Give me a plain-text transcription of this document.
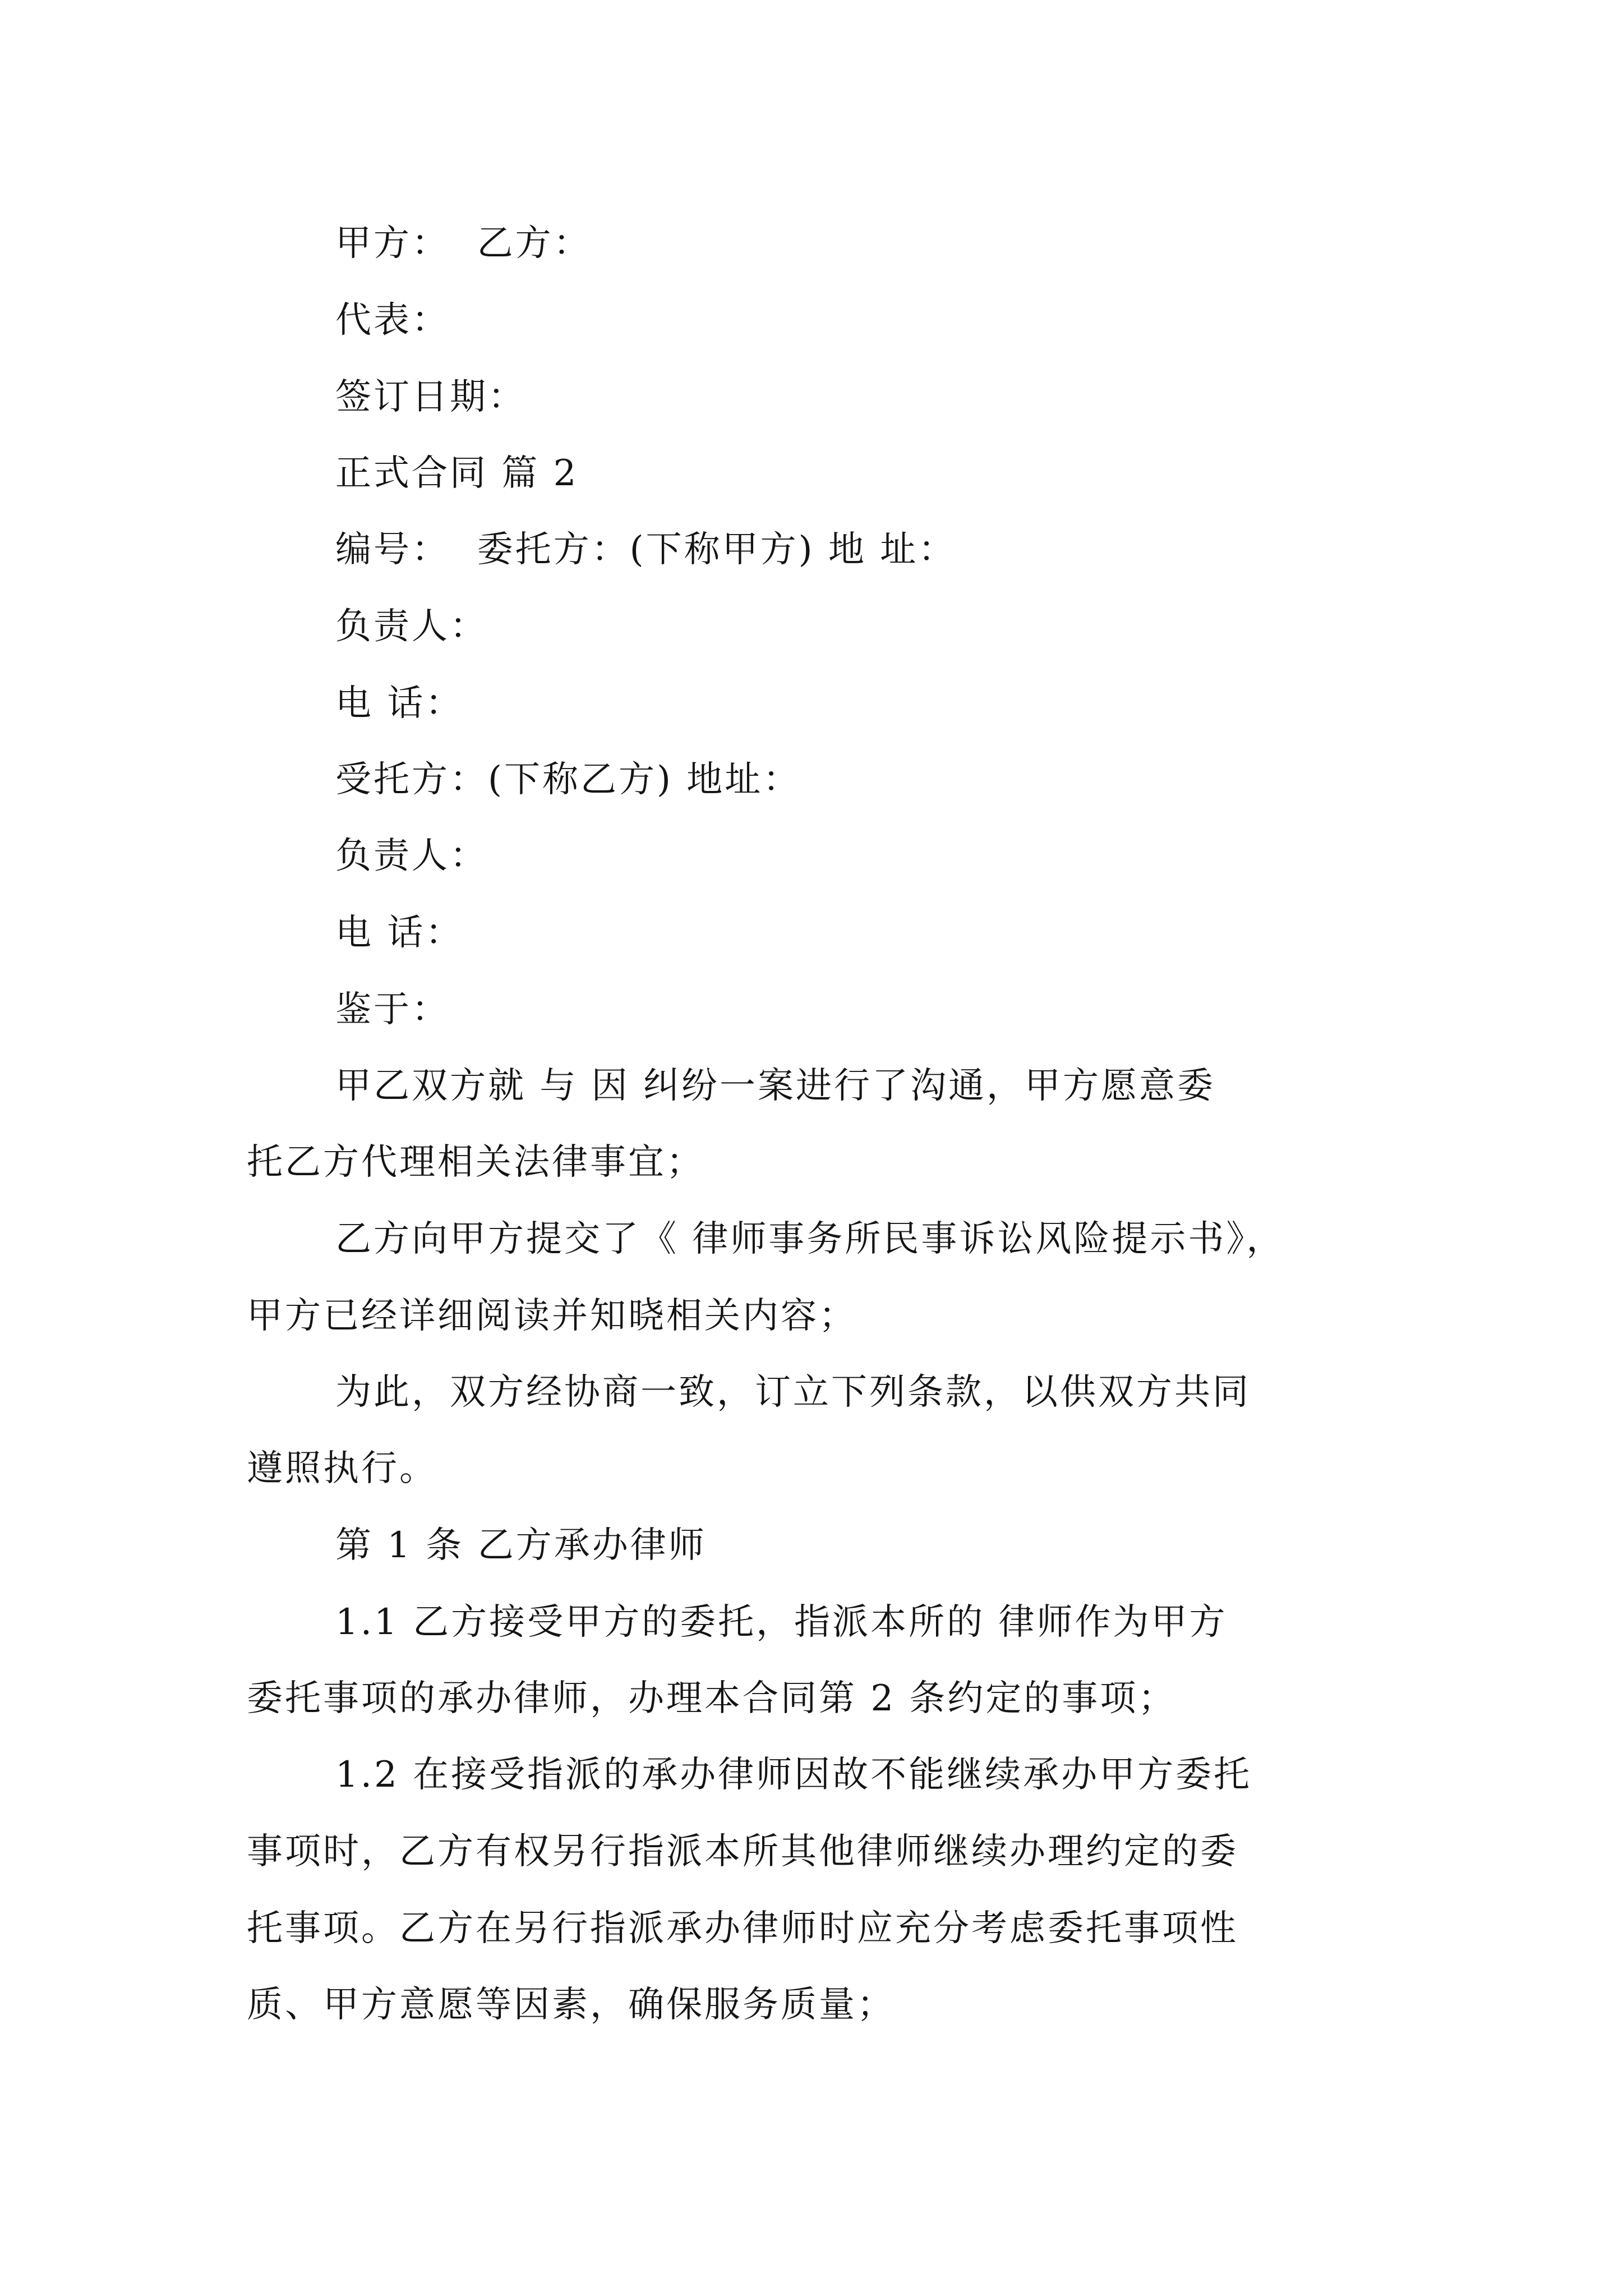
甲方：  乙方：
代表：
签订日期：
正式合同 篇 2
编号：  委托方：(下称甲方) 地 址：
负责人：
电 话：
受托方：(下称乙方) 地址：
负责人：
电 话：
鉴于：
甲乙双方就 与 因 纠纷一案进行了沟通，甲方愿意委
托乙方代理相关法律事宜；
乙方向甲方提交了《 律师事务所民事诉讼风险提示书》，
甲方已经详细阅读并知晓相关内容；
为此，双方经协商一致，订立下列条款，以供双方共同
遵照执行。
第 1 条 乙方承办律师
1.1 乙方接受甲方的委托，指派本所的 律师作为甲方
委托事项的承办律师，办理本合同第 2 条约定的事项；
1.2 在接受指派的承办律师因故不能继续承办甲方委托
事项时，乙方有权另行指派本所其他律师继续办理约定的委
托事项。乙方在另行指派承办律师时应充分考虑委托事项性
质、甲方意愿等因素，确保服务质量；
